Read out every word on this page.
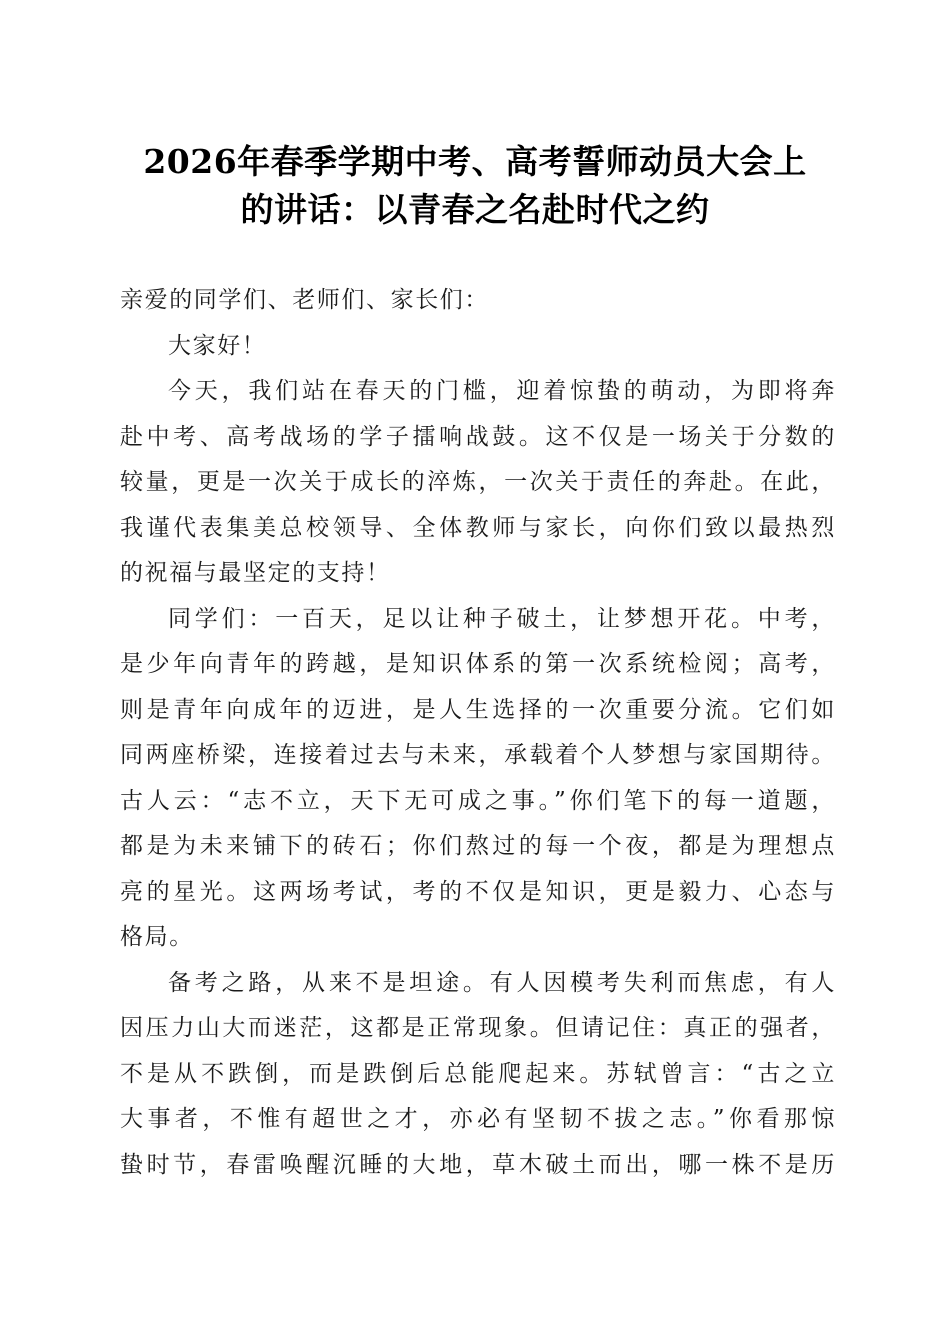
2026年春季学期中考、高考誓师动员大会上
的讲话：以青春之名赴时代之约
亲爱的同学们、老师们、家长们：
大家好！
今天，我们站在春天的门槛，迎着惊蛰的萌动，为即将奔
赴中考、高考战场的学子擂响战鼓。这不仅是一场关于分数的
较量，更是一次关于成长的淬炼，一次关于责任的奔赴。在此，
我谨代表集美总校领导、全体教师与家长，向你们致以最热烈
的祝福与最坚定的支持！
同学们：一百天，足以让种子破土，让梦想开花。中考，
是少年向青年的跨越，是知识体系的第一次系统检阅；高考，
则是青年向成年的迈进，是人生选择的一次重要分流。它们如
同两座桥梁，连接着过去与未来，承载着个人梦想与家国期待。
古人云：“志不立，天下无可成之事。”你们笔下的每一道题，
都是为未来铺下的砖石；你们熬过的每一个夜，都是为理想点
亮的星光。这两场考试，考的不仅是知识，更是毅力、心态与
格局。
备考之路，从来不是坦途。有人因模考失利而焦虑，有人
因压力山大而迷茫，这都是正常现象。但请记住：真正的强者，
不是从不跌倒，而是跌倒后总能爬起来。苏轼曾言：“古之立
大事者，不惟有超世之才，亦必有坚韧不拔之志。”你看那惊
蛰时节，春雷唤醒沉睡的大地，草木破土而出，哪一株不是历
